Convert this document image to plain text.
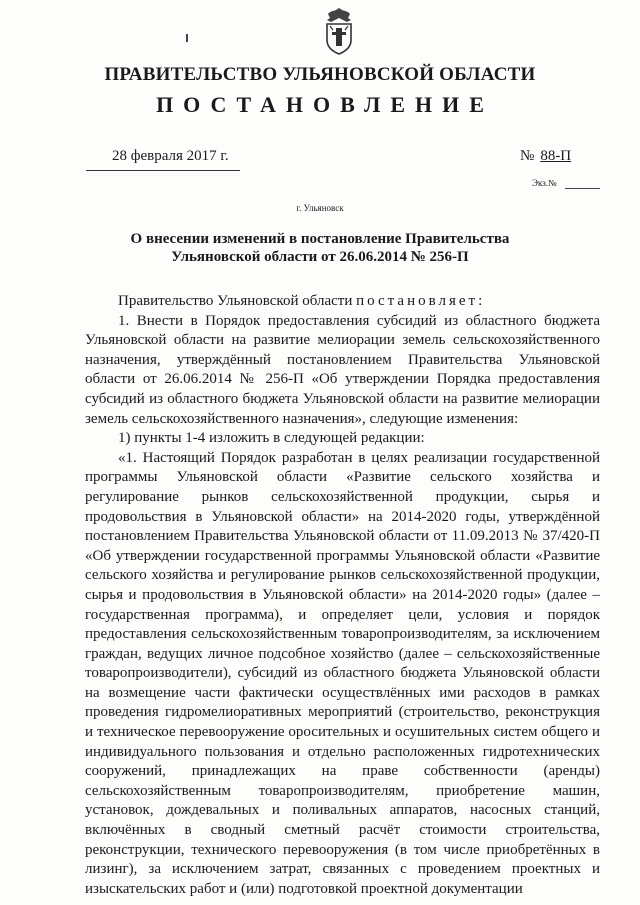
ПРАВИТЕЛЬСТВО УЛЬЯНОВСКОЙ ОБЛАСТИ
ПОСТАНОВЛЕНИЕ
28 февраля 2017 г.	№ 88-П
Экз.№
г. Ульяновск
О внесении изменений в постановление Правительства
Ульяновской области от 26.06.2014 № 256-П

Правительство Ульяновской области постановляет:

1. Внести в Порядок предоставления субсидий из областного бюджета Ульяновской области на развитие мелиорации земель сельскохозяйственного назначения, утверждённый постановлением Правительства Ульяновской области от 26.06.2014 № 256-П «Об утверждении Порядка предоставления субсидий из областного бюджета Ульяновской области на развитие мелиорации земель сельскохозяйственного назначения», следующие изменения:

1) пункты 1-4 изложить в следующей редакции:

«1. Настоящий Порядок разработан в целях реализации государственной программы Ульяновской области «Развитие сельского хозяйства и регулирование рынков сельскохозяйственной продукции, сырья и продовольствия в Ульяновской области» на 2014-2020 годы, утверждённой постановлением Правительства Ульяновской области от 11.09.2013 № 37/420-П «Об утверждении государственной программы Ульяновской области «Развитие сельского хозяйства и регулирование рынков сельскохозяйственной продукции, сырья и продовольствия в Ульяновской области» на 2014-2020 годы» (далее – государственная программа), и определяет цели, условия и порядок предоставления сельскохозяйственным товаропроизводителям, за исключением граждан, ведущих личное подсобное хозяйство (далее – сельскохозяйственные товаропроизводители), субсидий из областного бюджета Ульяновской области на возмещение части фактически осуществлённых ими расходов в рамках проведения гидромелиоративных мероприятий (строительство, реконструкция и техническое перевооружение оросительных и осушительных систем общего и индивидуального пользования и отдельно расположенных гидротехнических сооружений, принадлежащих на праве собственности (аренды) сельскохозяйственным товаропроизводителям, приобретение машин, установок, дождевальных и поливальных аппаратов, насосных станций, включённых в сводный сметный расчёт стоимости строительства, реконструкции, технического перевооружения (в том числе приобретённых в лизинг), за исключением затрат, связанных с проведением проектных и изыскательских работ и (или) подготовкой проектной документации
